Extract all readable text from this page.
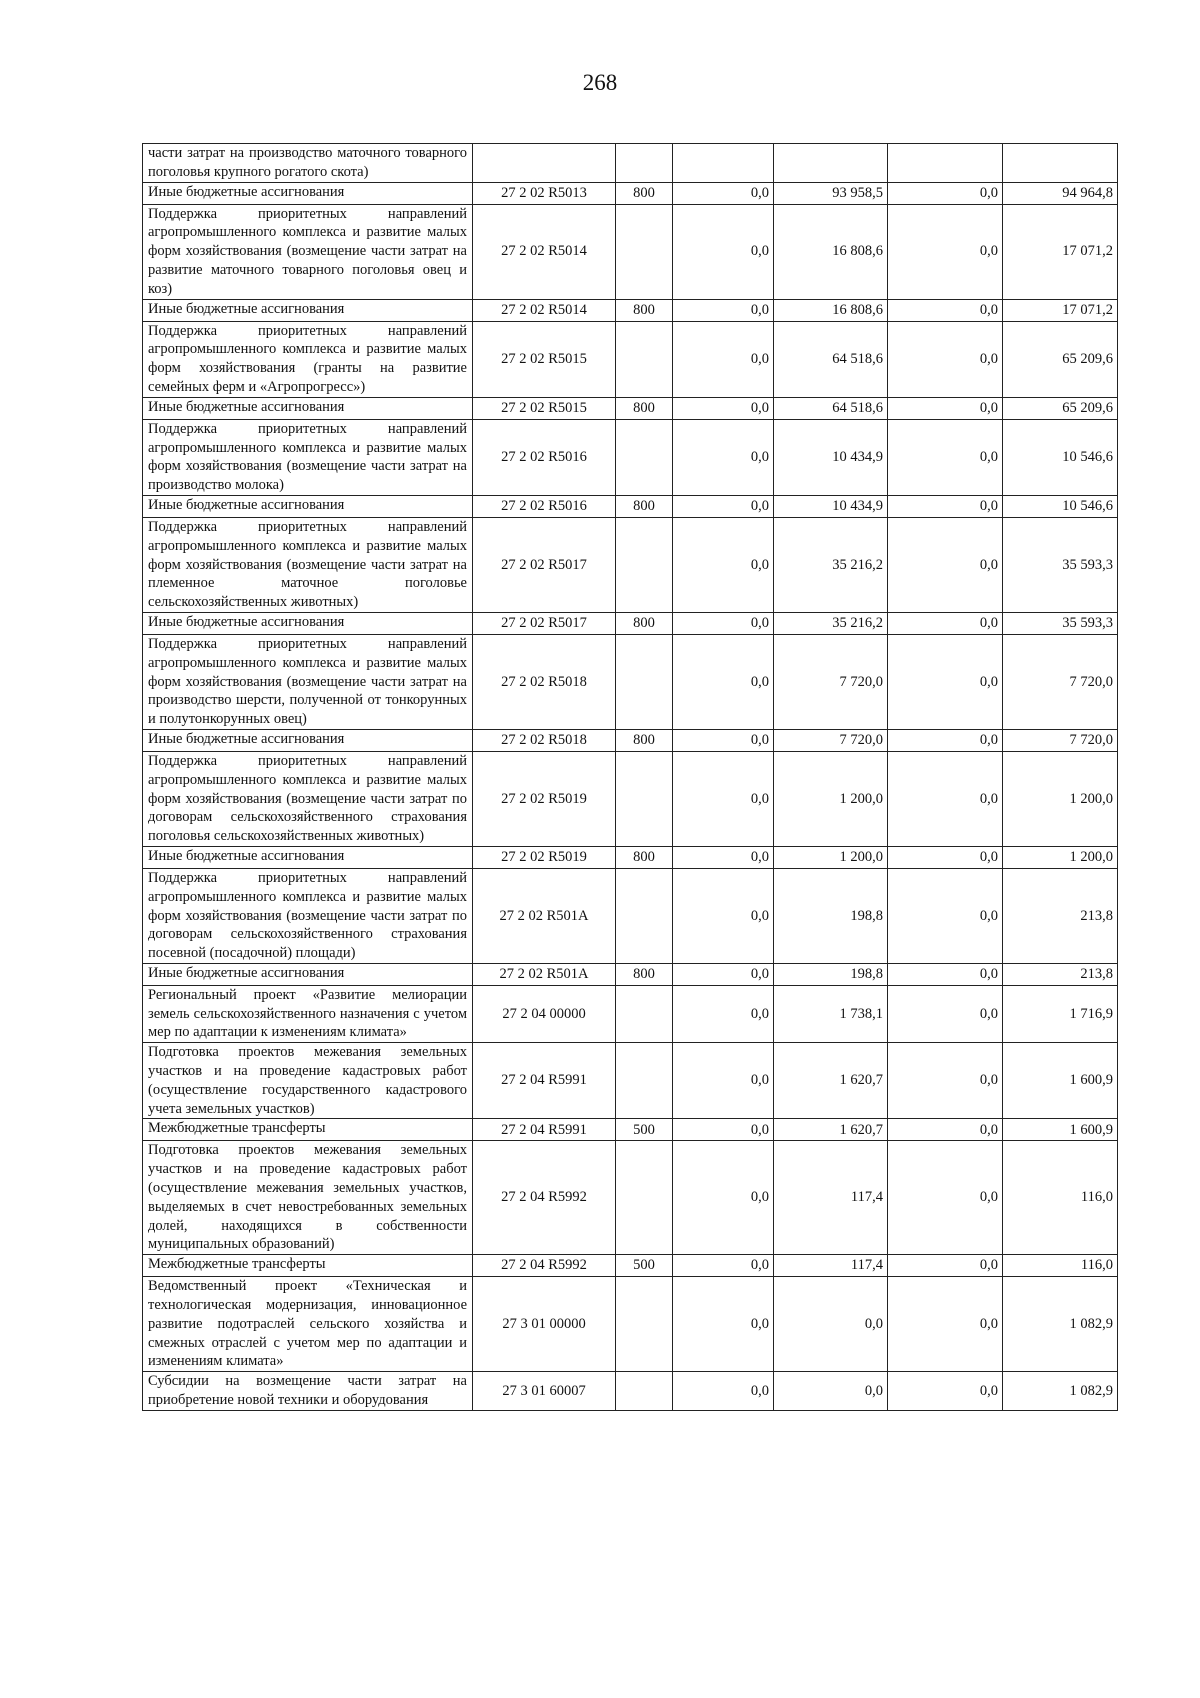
268
части затрат на производство маточного товарного поголовья крупного рогатого скота)						
Иные бюджетные ассигнования	27 2 02 R5013	800	0,0	93 958,5	0,0	94 964,8
Поддержка приоритетных направлений агропромышленного комплекса и развитие малых форм хозяйствования (возмещение части затрат на развитие маточного товарного поголовья овец и коз)	27 2 02 R5014		0,0	16 808,6	0,0	17 071,2
Иные бюджетные ассигнования	27 2 02 R5014	800	0,0	16 808,6	0,0	17 071,2
Поддержка приоритетных направлений агропромышленного комплекса и развитие малых форм хозяйствования (гранты на развитие семейных ферм и «Агропрогресс»)	27 2 02 R5015		0,0	64 518,6	0,0	65 209,6
Иные бюджетные ассигнования	27 2 02 R5015	800	0,0	64 518,6	0,0	65 209,6
Поддержка приоритетных направлений агропромышленного комплекса и развитие малых форм хозяйствования (возмещение части затрат на производство молока)	27 2 02 R5016		0,0	10 434,9	0,0	10 546,6
Иные бюджетные ассигнования	27 2 02 R5016	800	0,0	10 434,9	0,0	10 546,6
Поддержка приоритетных направлений агропромышленного комплекса и развитие малых форм хозяйствования (возмещение части затрат на племенное маточное поголовье сельскохозяйственных животных)	27 2 02 R5017		0,0	35 216,2	0,0	35 593,3
Иные бюджетные ассигнования	27 2 02 R5017	800	0,0	35 216,2	0,0	35 593,3
Поддержка приоритетных направлений агропромышленного комплекса и развитие малых форм хозяйствования (возмещение части затрат на производство шерсти, полученной от тонкорунных и полутонкорунных овец)	27 2 02 R5018		0,0	7 720,0	0,0	7 720,0
Иные бюджетные ассигнования	27 2 02 R5018	800	0,0	7 720,0	0,0	7 720,0
Поддержка приоритетных направлений агропромышленного комплекса и развитие малых форм хозяйствования (возмещение части затрат по договорам сельскохозяйственного страхования поголовья сельскохозяйственных животных)	27 2 02 R5019		0,0	1 200,0	0,0	1 200,0
Иные бюджетные ассигнования	27 2 02 R5019	800	0,0	1 200,0	0,0	1 200,0
Поддержка приоритетных направлений агропромышленного комплекса и развитие малых форм хозяйствования (возмещение части затрат по договорам сельскохозяйственного страхования посевной (посадочной) площади)	27 2 02 R501A		0,0	198,8	0,0	213,8
Иные бюджетные ассигнования	27 2 02 R501A	800	0,0	198,8	0,0	213,8
Региональный проект «Развитие мелиорации земель сельскохозяйственного назначения с учетом мер по адаптации к изменениям климата»	27 2 04 00000		0,0	1 738,1	0,0	1 716,9
Подготовка проектов межевания земельных участков и на проведение кадастровых работ (осуществление государственного кадастрового учета земельных участков)	27 2 04 R5991		0,0	1 620,7	0,0	1 600,9
Межбюджетные трансферты	27 2 04 R5991	500	0,0	1 620,7	0,0	1 600,9
Подготовка проектов межевания земельных участков и на проведение кадастровых работ (осуществление межевания земельных участков, выделяемых в счет невостребованных земельных долей, находящихся в собственности муниципальных образований)	27 2 04 R5992		0,0	117,4	0,0	116,0
Межбюджетные трансферты	27 2 04 R5992	500	0,0	117,4	0,0	116,0
Ведомственный проект «Техническая и технологическая модернизация, инновационное развитие подотраслей сельского хозяйства и смежных отраслей с учетом мер по адаптации и изменениям климата»	27 3 01 00000		0,0	0,0	0,0	1 082,9
Субсидии на возмещение части затрат на приобретение новой техники и оборудования	27 3 01 60007		0,0	0,0	0,0	1 082,9
